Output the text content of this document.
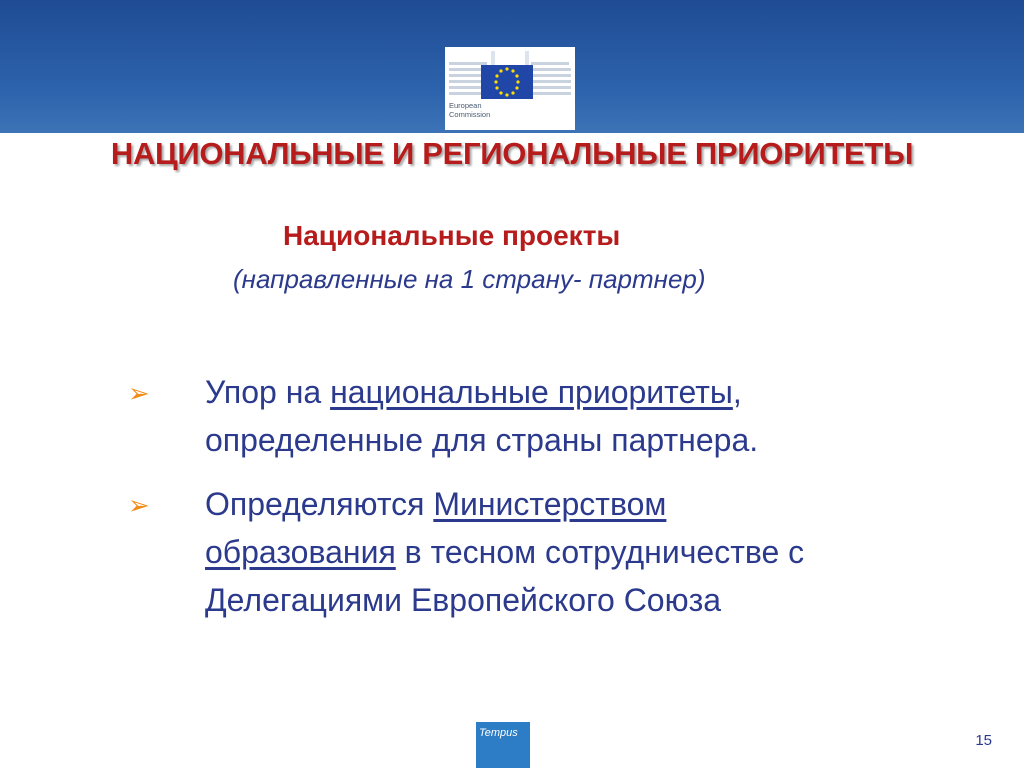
European
Commission
НАЦИОНАЛЬНЫЕ И РЕГИОНАЛЬНЫЕ ПРИОРИТЕТЫ
Национальные проекты

(направленные на 1 страну- партнер)

➢ Упор на национальные приоритеты,
определенные для страны партнера.

➢ Определяются Министерством
образования в тесном сотрудничестве с
Делегациями Европейского Союза

Tempus	15
